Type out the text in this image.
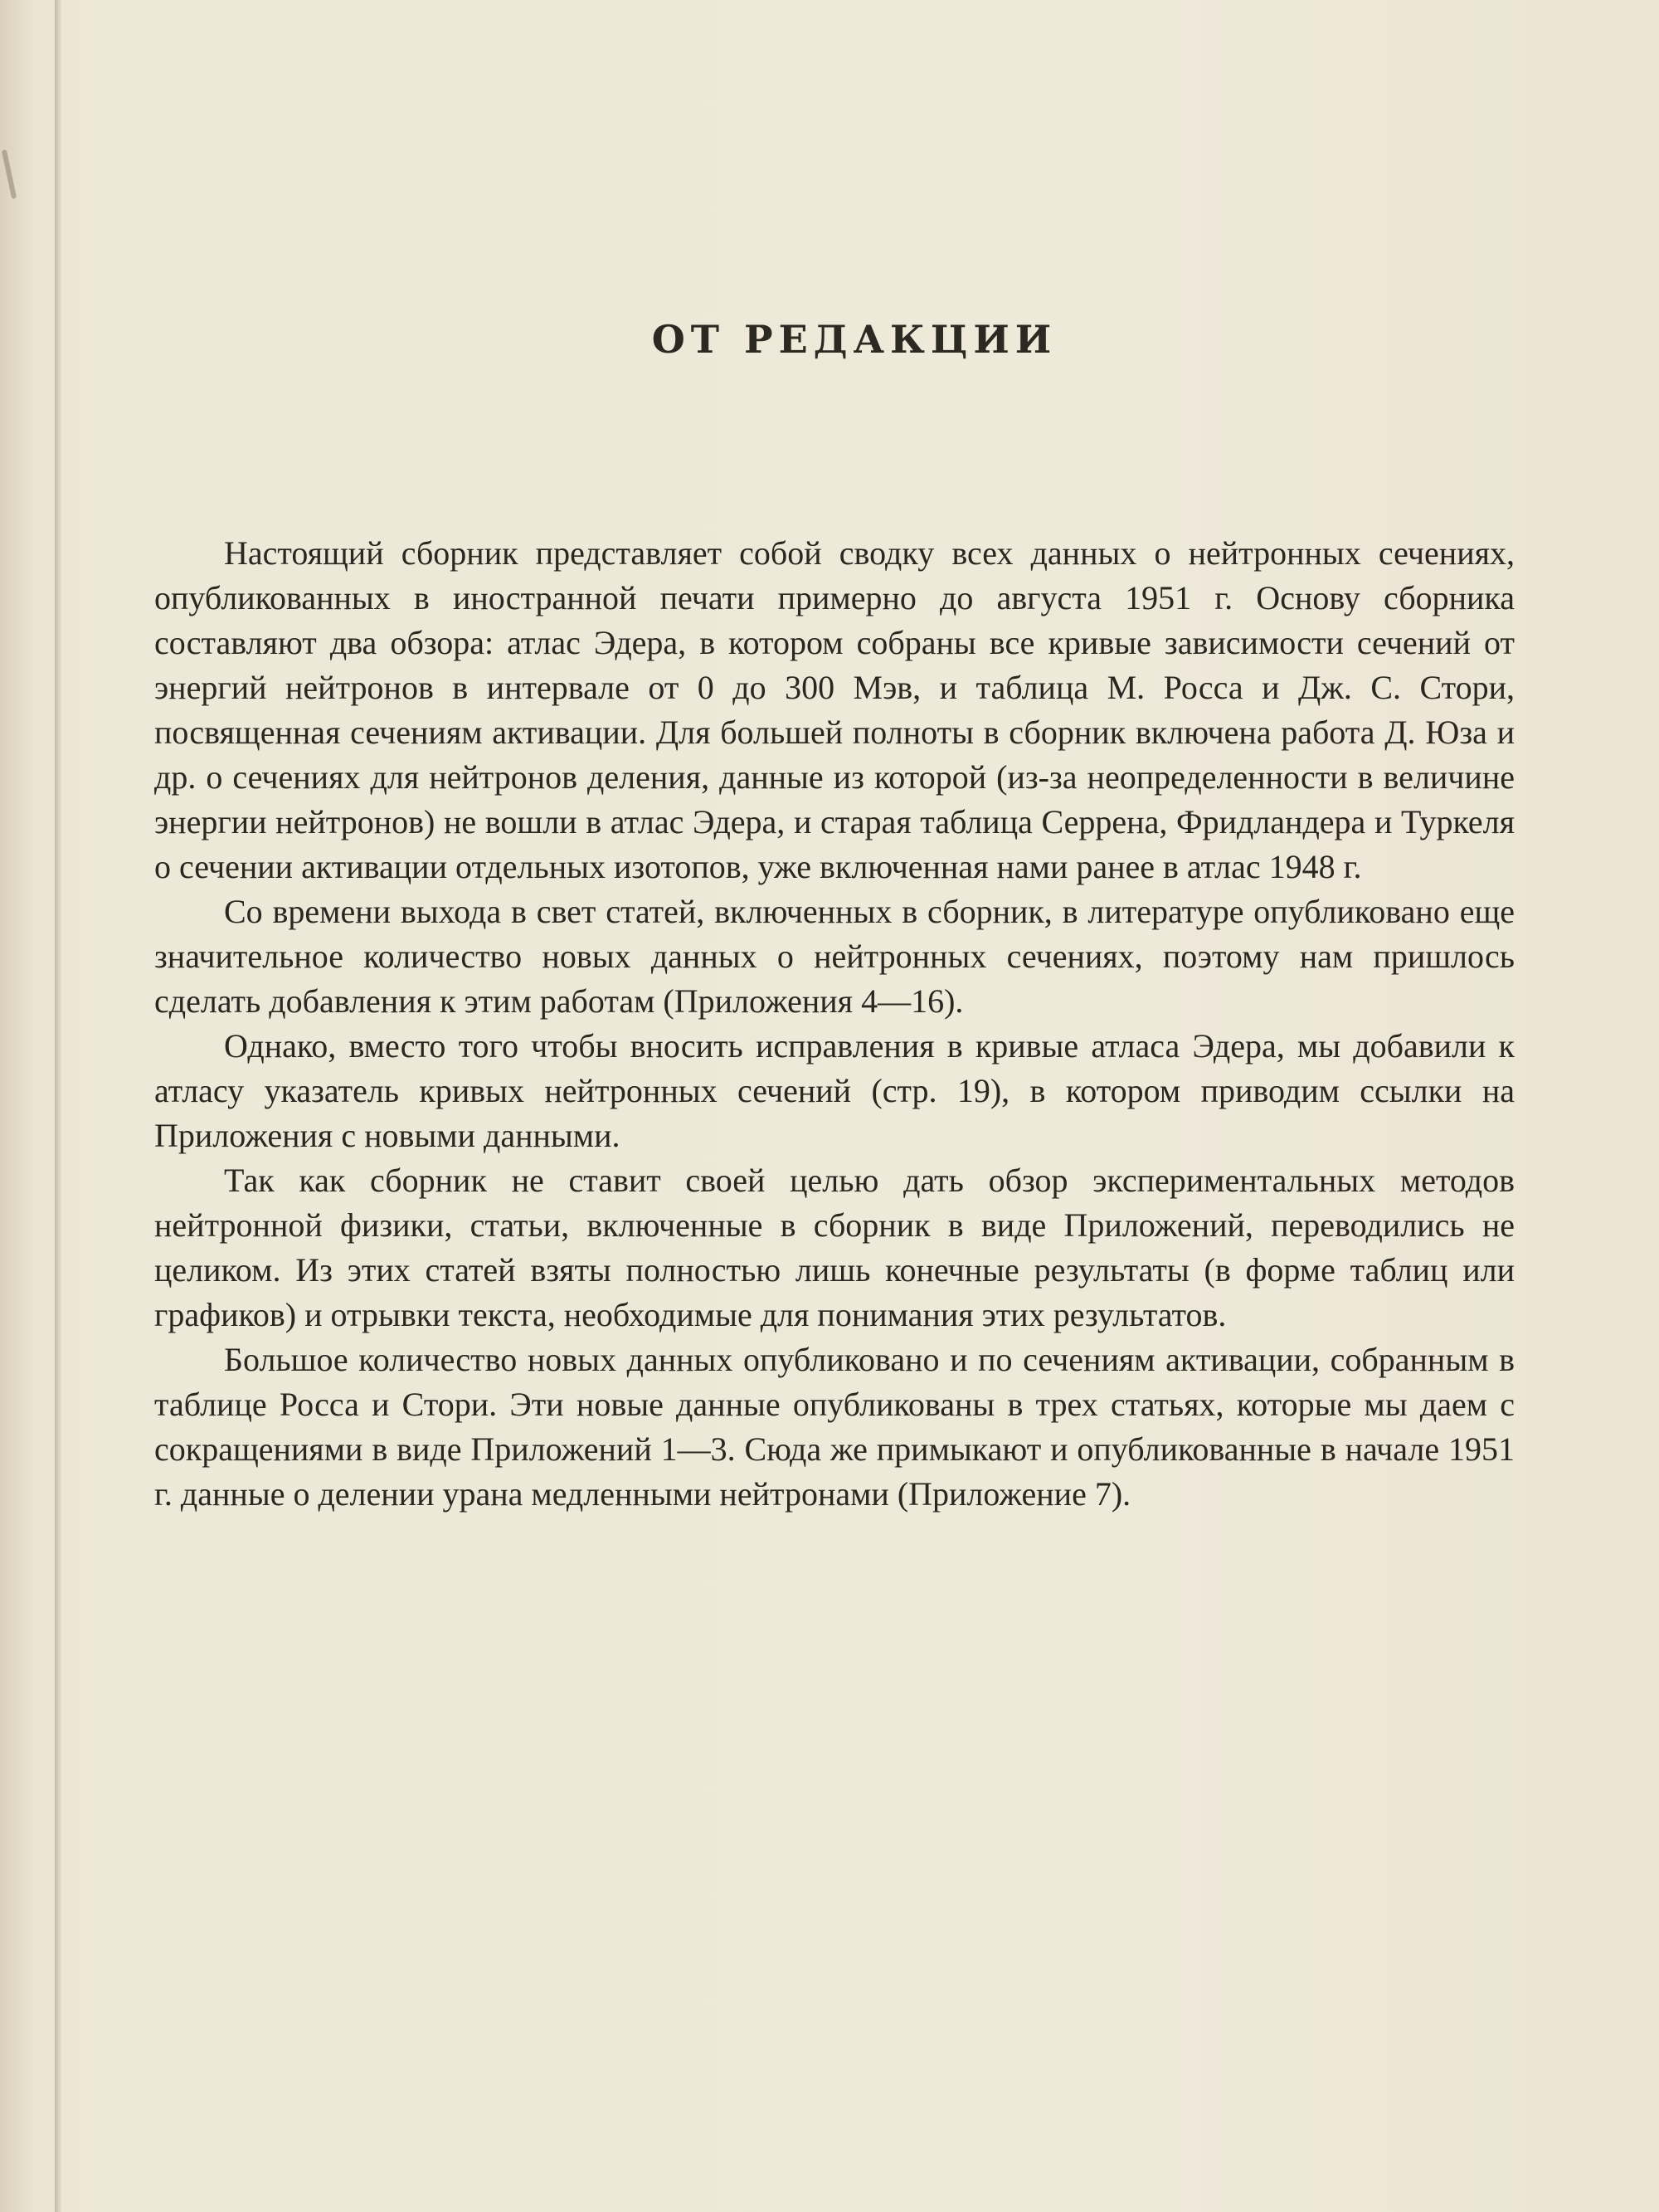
ОТ РЕДАКЦИИ

Настоящий сборник представляет собой сводку всех данных о нейтронных сечениях, опубликованных в иностранной печати примерно до августа 1951 г. Основу сборника составляют два обзора: атлас Эдера, в котором собраны все кривые зависимости сечений от энергий нейтронов в интервале от 0 до 300 Мэв, и таблица М. Росса и Дж. С. Стори, посвященная сечениям активации. Для большей полноты в сборник включена работа Д. Юза и др. о сечениях для нейтронов деления, данные из которой (из-за неопределенности в величине энергии нейтронов) не вошли в атлас Эдера, и старая таблица Серрена, Фридландера и Туркеля о сечении активации отдельных изотопов, уже включенная нами ранее в атлас 1948 г.

Со времени выхода в свет статей, включенных в сборник, в литературе опубликовано еще значительное количество новых данных о нейтронных сечениях, поэтому нам пришлось сделать добавления к этим работам (Приложения 4—16).

Однако, вместо того чтобы вносить исправления в кривые атласа Эдера, мы добавили к атласу указатель кривых нейтронных сечений (стр. 19), в котором приводим ссылки на Приложения с новыми данными.

Так как сборник не ставит своей целью дать обзор экспериментальных методов нейтронной физики, статьи, включенные в сборник в виде Приложений, переводились не целиком. Из этих статей взяты полностью лишь конечные результаты (в форме таблиц или графиков) и отрывки текста, необходимые для понимания этих результатов.

Большое количество новых данных опубликовано и по сечениям активации, собранным в таблице Росса и Стори. Эти новые данные опубликованы в трех статьях, которые мы даем с сокращениями в виде Приложений 1—3. Сюда же примыкают и опубликованные в начале 1951 г. данные о делении урана медленными нейтронами (Приложение 7).
